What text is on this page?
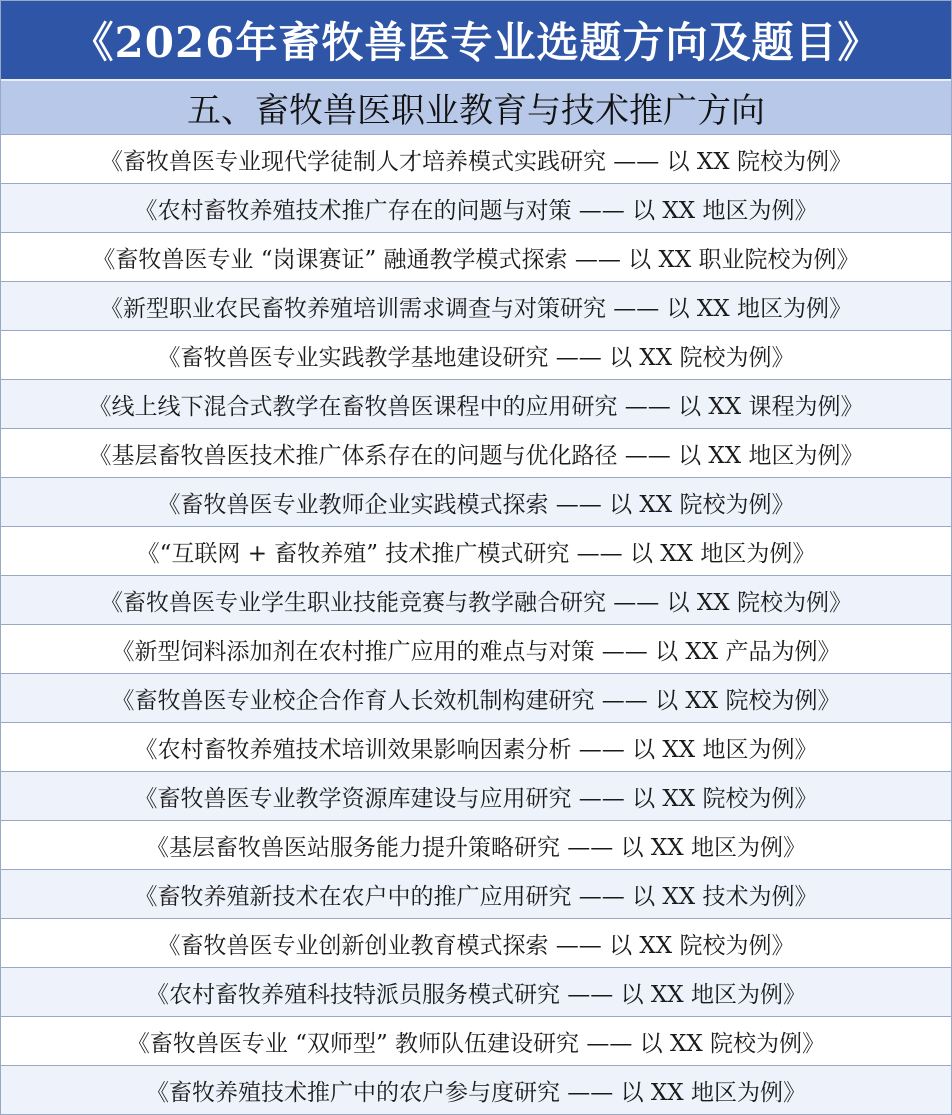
《2026年畜牧兽医专业选题方向及题目》
五、畜牧兽医职业教育与技术推广方向
《畜牧兽医专业现代学徒制人才培养模式实践研究 —— 以 XX 院校为例》
《农村畜牧养殖技术推广存在的问题与对策 —— 以 XX 地区为例》
《畜牧兽医专业 “岗课赛证” 融通教学模式探索 —— 以 XX 职业院校为例》
《新型职业农民畜牧养殖培训需求调查与对策研究 —— 以 XX 地区为例》
《畜牧兽医专业实践教学基地建设研究 —— 以 XX 院校为例》
《线上线下混合式教学在畜牧兽医课程中的应用研究 —— 以 XX 课程为例》
《基层畜牧兽医技术推广体系存在的问题与优化路径 —— 以 XX 地区为例》
《畜牧兽医专业教师企业实践模式探索 —— 以 XX 院校为例》
《“互联网 + 畜牧养殖” 技术推广模式研究 —— 以 XX 地区为例》
《畜牧兽医专业学生职业技能竞赛与教学融合研究 —— 以 XX 院校为例》
《新型饲料添加剂在农村推广应用的难点与对策 —— 以 XX 产品为例》
《畜牧兽医专业校企合作育人长效机制构建研究 —— 以 XX 院校为例》
《农村畜牧养殖技术培训效果影响因素分析 —— 以 XX 地区为例》
《畜牧兽医专业教学资源库建设与应用研究 —— 以 XX 院校为例》
《基层畜牧兽医站服务能力提升策略研究 —— 以 XX 地区为例》
《畜牧养殖新技术在农户中的推广应用研究 —— 以 XX 技术为例》
《畜牧兽医专业创新创业教育模式探索 —— 以 XX 院校为例》
《农村畜牧养殖科技特派员服务模式研究 —— 以 XX 地区为例》
《畜牧兽医专业 “双师型” 教师队伍建设研究 —— 以 XX 院校为例》
《畜牧养殖技术推广中的农户参与度研究 —— 以 XX 地区为例》
